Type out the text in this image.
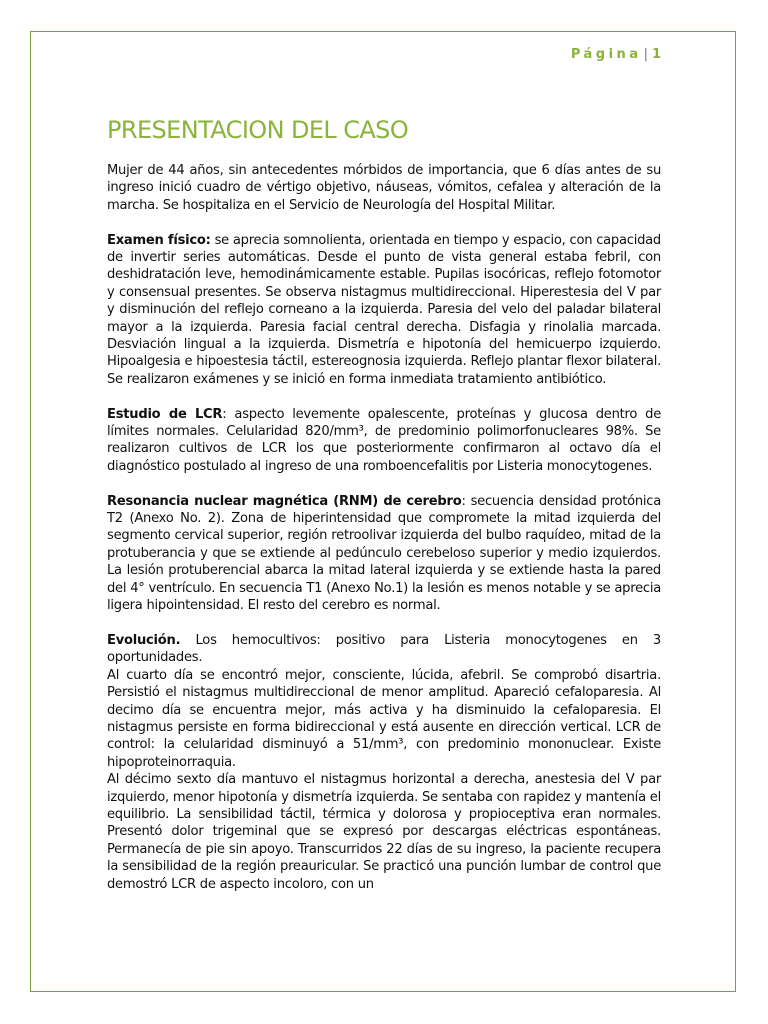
Página | 1
PRESENTACION DEL CASO

Mujer de 44 años, sin antecedentes mórbidos de importancia, que 6 días antes de su ingreso inició cuadro de vértigo objetivo, náuseas, vómitos, cefalea y alteración de la marcha. Se hospitaliza en el Servicio de Neurología del Hospital Militar.

Examen físico: se aprecia somnolienta, orientada en tiempo y espacio, con capacidad de invertir series automáticas. Desde el punto de vista general estaba febril, con deshidratación leve, hemodinámicamente estable. Pupilas isocóricas, reflejo fotomotor y consensual presentes. Se observa nistagmus multidireccional. Hiperestesia del V par y disminución del reflejo corneano a la izquierda. Paresia del velo del paladar bilateral mayor a la izquierda. Paresia facial central derecha. Disfagia y rinolalia marcada. Desviación lingual a la izquierda. Dismetría e hipotonía del hemicuerpo izquierdo. Hipoalgesia e hipoestesia táctil, estereognosia izquierda. Reflejo plantar flexor bilateral. Se realizaron exámenes y se inició en forma inmediata tratamiento antibiótico.

Estudio de LCR: aspecto levemente opalescente, proteínas y glucosa dentro de límites normales. Celularidad 820/mm³, de predominio polimorfonucleares 98%. Se realizaron cultivos de LCR los que posteriormente confirmaron al octavo día el diagnóstico postulado al ingreso de una romboencefalitis por Listeria monocytogenes.

Resonancia nuclear magnética (RNM) de cerebro: secuencia densidad protónica T2 (Anexo No. 2). Zona de hiperintensidad que compromete la mitad izquierda del segmento cervical superior, región retroolivar izquierda del bulbo raquídeo, mitad de la protuberancia y que se extiende al pedúnculo cerebeloso superior y medio izquierdos. La lesión protuberencial abarca la mitad lateral izquierda y se extiende hasta la pared del 4° ventrículo. En secuencia T1 (Anexo No.1) la lesión es menos notable y se aprecia ligera hipointensidad. El resto del cerebro es normal.

Evolución. Los hemocultivos: positivo para Listeria monocytogenes en 3 oportunidades.

Al cuarto día se encontró mejor, consciente, lúcida, afebril. Se comprobó disartria. Persistió el nistagmus multidireccional de menor amplitud. Apareció cefaloparesia. Al decimo día se encuentra mejor, más activa y ha disminuido la cefaloparesia. El nistagmus persiste en forma bidireccional y está ausente en dirección vertical. LCR de control: la celularidad disminuyó a 51/mm³, con predominio mononuclear. Existe hipoproteinorraquia.

Al décimo sexto día mantuvo el nistagmus horizontal a derecha, anestesia del V par izquierdo, menor hipotonía y dismetría izquierda. Se sentaba con rapidez y mantenía el equilibrio. La sensibilidad táctil, térmica y dolorosa y propioceptiva eran normales. Presentó dolor trigeminal que se expresó por descargas eléctricas espontáneas. Permanecía de pie sin apoyo. Transcurridos 22 días de su ingreso, la paciente recupera la sensibilidad de la región preauricular. Se practicó una punción lumbar de control que demostró LCR de aspecto incoloro, con un
